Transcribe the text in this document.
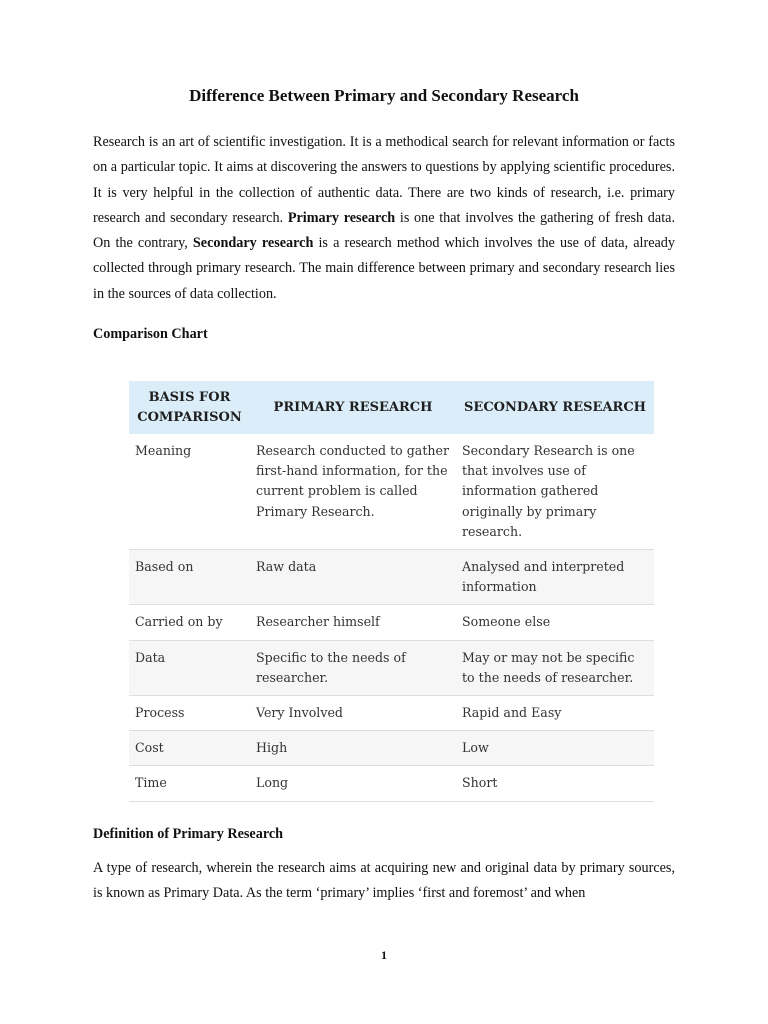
Difference Between Primary and Secondary Research

Research is an art of scientific investigation. It is a methodical search for relevant information or facts on a particular topic. It aims at discovering the answers to questions by applying scientific procedures. It is very helpful in the collection of authentic data. There are two kinds of research, i.e. primary research and secondary research. Primary research is one that involves the gathering of fresh data. On the contrary, Secondary research is a research method which involves the use of data, already collected through primary research. The main difference between primary and secondary research lies in the sources of data collection.

Comparison Chart
BASIS FOR COMPARISON	PRIMARY RESEARCH	SECONDARY RESEARCH
Meaning	Research conducted to gather first-hand information, for the current problem is called Primary Research.	Secondary Research is one that involves use of information gathered originally by primary research.
Based on	Raw data	Analysed and interpreted information
Carried on by	Researcher himself	Someone else
Data	Specific to the needs of researcher.	May or may not be specific to the needs of researcher.
Process	Very Involved	Rapid and Easy
Cost	High	Low
Time	Long	Short
Definition of Primary Research

A type of research, wherein the research aims at acquiring new and original data by primary sources, is known as Primary Data. As the term ‘primary’ implies ‘first and foremost’ and when

1
